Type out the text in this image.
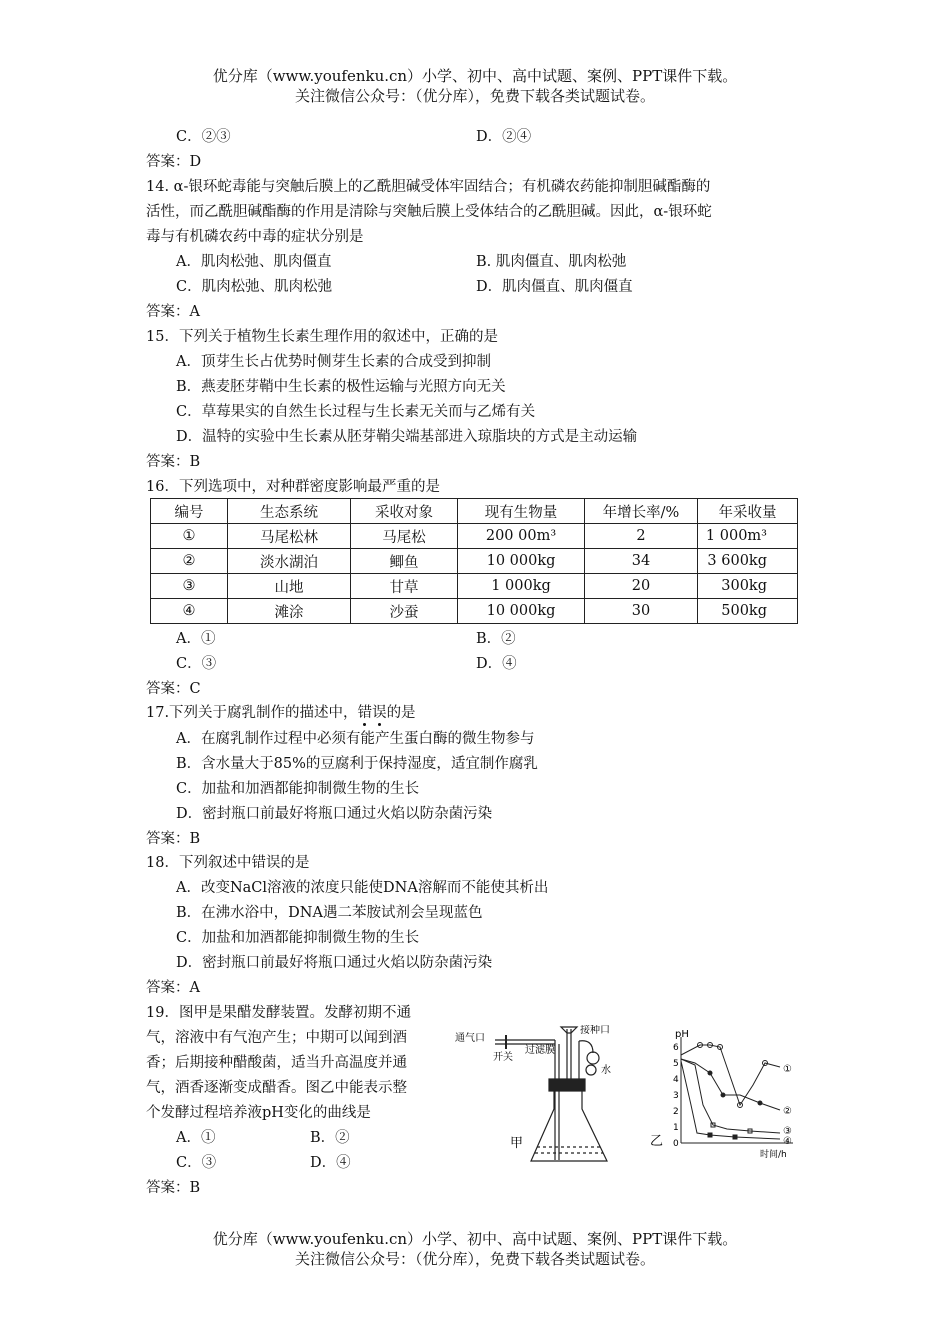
优分库（www.youfenku.cn）小学、初中、高中试题、案例、PPT课件下载。
关注微信公众号：（优分库），免费下载各类试题试卷。
C．②③	D．②④
答案：D
14. α-银环蛇毒能与突触后膜上的乙酰胆碱受体牢固结合；有机磷农药能抑制胆碱酯酶的
活性，而乙酰胆碱酯酶的作用是清除与突触后膜上受体结合的乙酰胆碱。因此，α-银环蛇
毒与有机磷农药中毒的症状分别是
A．肌肉松弛、肌肉僵直	B. 肌肉僵直、肌肉松弛
C．肌肉松弛、肌肉松弛	D．肌肉僵直、肌肉僵直
答案：A
15．下列关于植物生长素生理作用的叙述中，正确的是
A．顶芽生长占优势时侧芽生长素的合成受到抑制
B．燕麦胚芽鞘中生长素的极性运输与光照方向无关
C．草莓果实的自然生长过程与生长素无关而与乙烯有关
D．温特的实验中生长素从胚芽鞘尖端基部进入琼脂块的方式是主动运输
答案：B
16．下列选项中，对种群密度影响最严重的是
编号	生态系统	采收对象	现有生物量	年增长率/%	年采收量
①	马尾松林	马尾松	200 00m³	2	1 000m³
②	淡水湖泊	鲫鱼	10 000kg	34	3 600kg
③	山地	甘草	1 000kg	20	300kg
④	滩涂	沙蚕	10 000kg	30	500kg
A．①	B．②
C．③	D．④
答案：C
17.下列关于腐乳制作的描述中，错误的是
A．在腐乳制作过程中必须有能产生蛋白酶的微生物参与
B．含水量大于85%的豆腐利于保持湿度，适宜制作腐乳
C．加盐和加酒都能抑制微生物的生长
D．密封瓶口前最好将瓶口通过火焰以防杂菌污染
答案：B
18．下列叙述中错误的是
A．改变NaCl溶液的浓度只能使DNA溶解而不能使其析出
B．在沸水浴中，DNA遇二苯胺试剂会呈现蓝色
C．加盐和加酒都能抑制微生物的生长
D．密封瓶口前最好将瓶口通过火焰以防杂菌污染
答案：A
19．图甲是果醋发酵装置。发酵初期不通
气，溶液中有气泡产生；中期可以闻到酒
香；后期接种醋酸菌，适当升高温度并通
气，酒香逐渐变成醋香。图乙中能表示整
个发酵过程培养液pH变化的曲线是
A．①	B．②
C．③	D．④
答案：B
通气口
开关
过滤膜
接种口
水
甲
pH
0
1
2
3
4
5
6
①
②
③
④
时间/h
乙
优分库（www.youfenku.cn）小学、初中、高中试题、案例、PPT课件下载。
关注微信公众号：（优分库），免费下载各类试题试卷。
